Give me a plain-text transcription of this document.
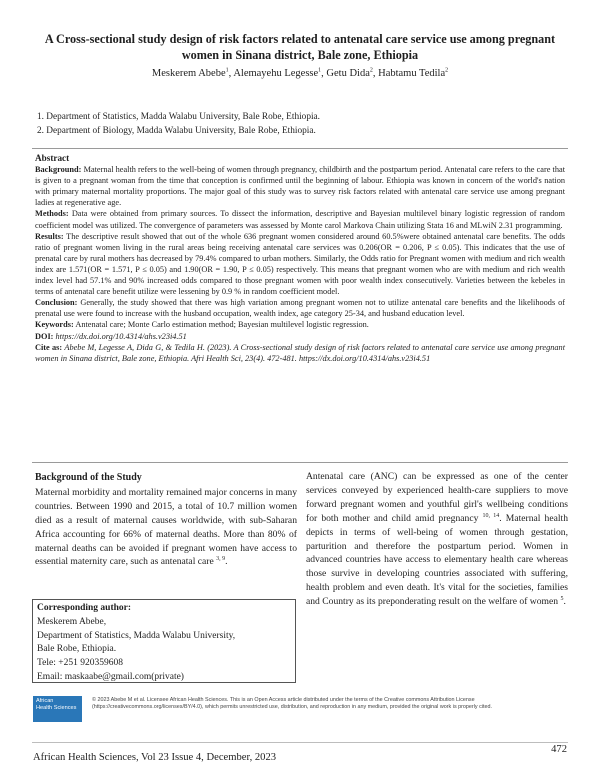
A Cross-sectional study design of risk factors related to antenatal care service use among pregnant women in Sinana district, Bale zone, Ethiopia
Meskerem Abebe$^1$, Alemayehu Legesse$^1$, Getu Dida$^2$, Habtamu Tedila$^2$
1. Department of Statistics, Madda Walabu University, Bale Robe, Ethiopia.
2. Department of Biology, Madda Walabu University, Bale Robe, Ethiopia.

Abstract

Background: Maternal health refers to the well-being of women through pregnancy, childbirth and the postpartum period. Antenatal care refers to the care that is given to a pregnant woman from the time that conception is confirmed until the beginning of labour. Ethiopia was known in concern of the world's nation with primary maternal mortality proportions. The major goal of this study was to survey risk factors related with antenatal care service use among pregnant ladies at regenerative age.

Methods: Data were obtained from primary sources. To dissect the information, descriptive and Bayesian multilevel binary logistic regression of random coefficient model was utilized. The convergence of parameters was assessed by Monte carol Markova Chain utilizing Stata 16 and MLwiN 2.31 programming.

Results: The descriptive result showed that out of the whole 636 pregnant women considered around 60.5%were obtained antenatal care benefits. The odds ratio of pregnant women living in the rural areas being receiving antenatal care services was 0.206(OR = 0.206, P ≤ 0.05). This indicates that the use of prenatal care by rural mothers has decreased by 79.4% compared to urban mothers. Similarly, the Odds ratio for Pregnant women with medium and rich wealth index are 1.571(OR = 1.571, P ≤ 0.05) and 1.90(OR = 1.90, P ≤ 0.05) respectively. This means that pregnant women who are with medium and rich wealth index level had 57.1% and 90% increased odds compared to those pregnant women with poor wealth index consecutively. Varieties between the kebeles in terms of antenatal care benefit utilize were lessening by 0.9 % in random coefficient model.

Conclusion: Generally, the study showed that there was high variation among pregnant women not to utilize antenatal care benefits and the likelihoods of prenatal use were found to increase with the husband occupation, wealth index, age category 25-34, and husband education level.

Keywords: Antenatal care; Monte Carlo estimation method; Bayesian multilevel logistic regression.

DOI: https://dx.doi.org/10.4314/ahs.v23i4.51

Cite as: Abebe M, Legesse A, Dida G, & Tedila H. (2023). A Cross-sectional study design of risk factors related to antenatal care service use among pregnant women in Sinana district, Bale zone, Ethiopia. Afri Health Sci, 23(4). 472-481. https://dx.doi.org/10.4314/ahs.v23i4.51

Background of the Study

Maternal morbidity and mortality remained major concerns in many countries. Between 1990 and 2015, a total of 10.7 million women died as a result of maternal causes worldwide, with sub-Saharan Africa accounting for 66% of maternal deaths. More than 80% of maternal deaths can be avoided if pregnant women have access to essential maternity care, such as antenatal care $^{3, 9}$.

Antenatal care (ANC) can be expressed as one of the center services conveyed by experienced health-care suppliers to move forward pregnant women and youthful girl's wellbeing conditions for both mother and child amid pregnancy $^{10, 14}$. Maternal health depicts in terms of well-being of women through gestation, parturition and therefore the postpartum period. Women in advanced countries have access to elementary health care whereas those survive in developing countries associated with suffering, health problem and even death. It's vital for the societies, families and Country as its preponderating result on the welfare of women $^5$.

Corresponding author:
Meskerem Abebe,
Department of Statistics, Madda Walabu University,
Bale Robe, Ethiopia.
Tele: +251 920359608
Email: maskaabe@gmail.com(private)
African
Health Sciences
© 2023 Abebe M et al. Licensee African Health Sciences. This is an Open Access article distributed under the terms of the Creative commons Attribution License (https://creativecommons.org/licenses/BY/4.0), which permits unrestricted use, distribution, and reproduction in any medium, provided the original work is properly cited.
African Health Sciences, Vol 23 Issue 4, December, 2023
472
